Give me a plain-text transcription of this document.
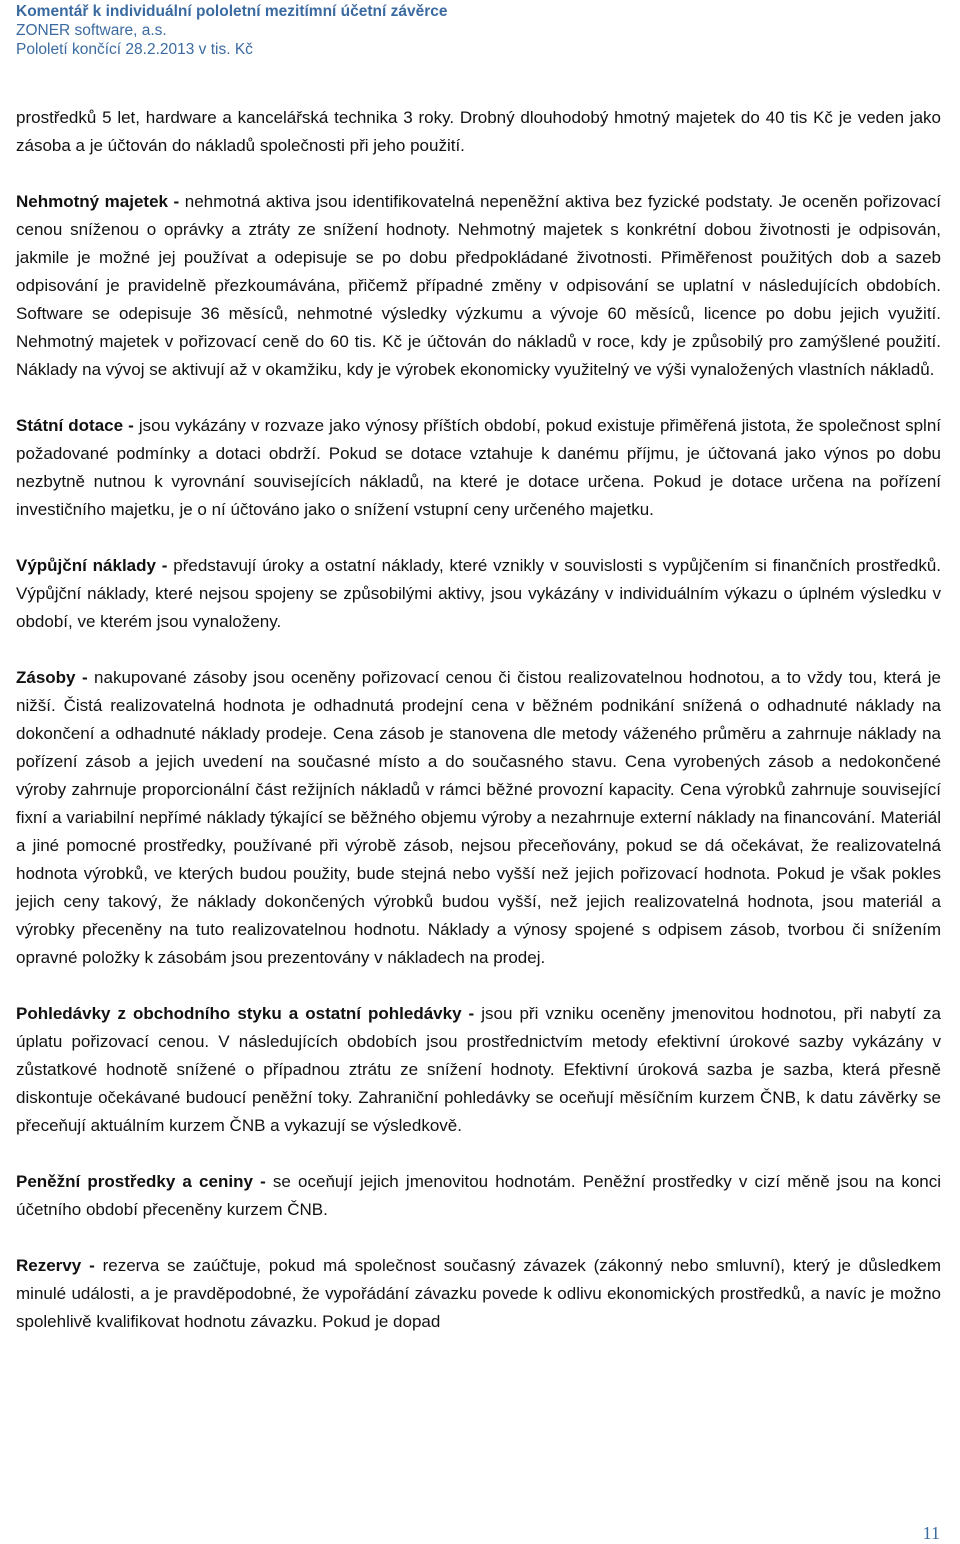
Komentář k individuální pololetní mezitímní účetní závěrce
ZONER software, a.s.
Pololetí končící 28.2.2013 v tis. Kč

prostředků 5 let, hardware a kancelářská technika 3 roky. Drobný dlouhodobý hmotný majetek do 40 tis Kč je veden jako zásoba a je účtován do nákladů společnosti při jeho použití.

Nehmotný majetek - nehmotná aktiva jsou identifikovatelná nepeněžní aktiva bez fyzické podstaty. Je oceněn pořizovací cenou sníženou o oprávky a ztráty ze snížení hodnoty. Nehmotný majetek s konkrétní dobou životnosti je odpisován, jakmile je možné jej používat a odepisuje se po dobu předpokládané životnosti. Přiměřenost použitých dob a sazeb odpisování je pravidelně přezkoumávána, přičemž případné změny v odpisování se uplatní v následujících obdobích. Software se odepisuje 36 měsíců, nehmotné výsledky výzkumu a vývoje 60 měsíců, licence po dobu jejich využití. Nehmotný majetek v pořizovací ceně do 60 tis. Kč je účtován do nákladů v roce, kdy je způsobilý pro zamýšlené použití. Náklady na vývoj se aktivují až v okamžiku, kdy je výrobek ekonomicky využitelný ve výši vynaložených vlastních nákladů.

Státní dotace - jsou vykázány v rozvaze jako výnosy příštích období, pokud existuje přiměřená jistota, že společnost splní požadované podmínky a dotaci obdrží. Pokud se dotace vztahuje k danému příjmu, je účtovaná jako výnos po dobu nezbytně nutnou k vyrovnání souvisejících nákladů, na které je dotace určena. Pokud je dotace určena na pořízení investičního majetku, je o ní účtováno jako o snížení vstupní ceny určeného majetku.

Výpůjční náklady - představují úroky a ostatní náklady, které vznikly v souvislosti s vypůjčením si finančních prostředků. Výpůjční náklady, které nejsou spojeny se způsobilými aktivy, jsou vykázány v individuálním výkazu o úplném výsledku v období, ve kterém jsou vynaloženy.

Zásoby - nakupované zásoby jsou oceněny pořizovací cenou či čistou realizovatelnou hodnotou, a to vždy tou, která je nižší. Čistá realizovatelná hodnota je odhadnutá prodejní cena v běžném podnikání snížená o odhadnuté náklady na dokončení a odhadnuté náklady prodeje. Cena zásob je stanovena dle metody váženého průměru a zahrnuje náklady na pořízení zásob a jejich uvedení na současné místo a do současného stavu. Cena vyrobených zásob a nedokončené výroby zahrnuje proporcionální část režijních nákladů v rámci běžné provozní kapacity. Cena výrobků zahrnuje související fixní a variabilní nepřímé náklady týkající se běžného objemu výroby a nezahrnuje externí náklady na financování. Materiál a jiné pomocné prostředky, používané při výrobě zásob, nejsou přeceňovány, pokud se dá očekávat, že realizovatelná hodnota výrobků, ve kterých budou použity, bude stejná nebo vyšší než jejich pořizovací hodnota. Pokud je však pokles jejich ceny takový, že náklady dokončených výrobků budou vyšší, než jejich realizovatelná hodnota, jsou materiál a výrobky přeceněny na tuto realizovatelnou hodnotu. Náklady a výnosy spojené s odpisem zásob, tvorbou či snížením opravné položky k zásobám jsou prezentovány v nákladech na prodej.

Pohledávky z obchodního styku a ostatní pohledávky - jsou při vzniku oceněny jmenovitou hodnotou, při nabytí za úplatu pořizovací cenou. V následujících obdobích jsou prostřednictvím metody efektivní úrokové sazby vykázány v zůstatkové hodnotě snížené o případnou ztrátu ze snížení hodnoty. Efektivní úroková sazba je sazba, která přesně diskontuje očekávané budoucí peněžní toky. Zahraniční pohledávky se oceňují měsíčním kurzem ČNB, k datu závěrky se přeceňují aktuálním kurzem ČNB a vykazují se výsledkově.

Peněžní prostředky a ceniny - se oceňují jejich jmenovitou hodnotám. Peněžní prostředky v cizí měně jsou na konci účetního období přeceněny kurzem ČNB.

Rezervy - rezerva se zaúčtuje, pokud má společnost současný závazek (zákonný nebo smluvní), který je důsledkem minulé události, a je pravděpodobné, že vypořádání závazku povede k odlivu ekonomických prostředků, a navíc je možno spolehlivě kvalifikovat hodnotu závazku. Pokud je dopad

11
